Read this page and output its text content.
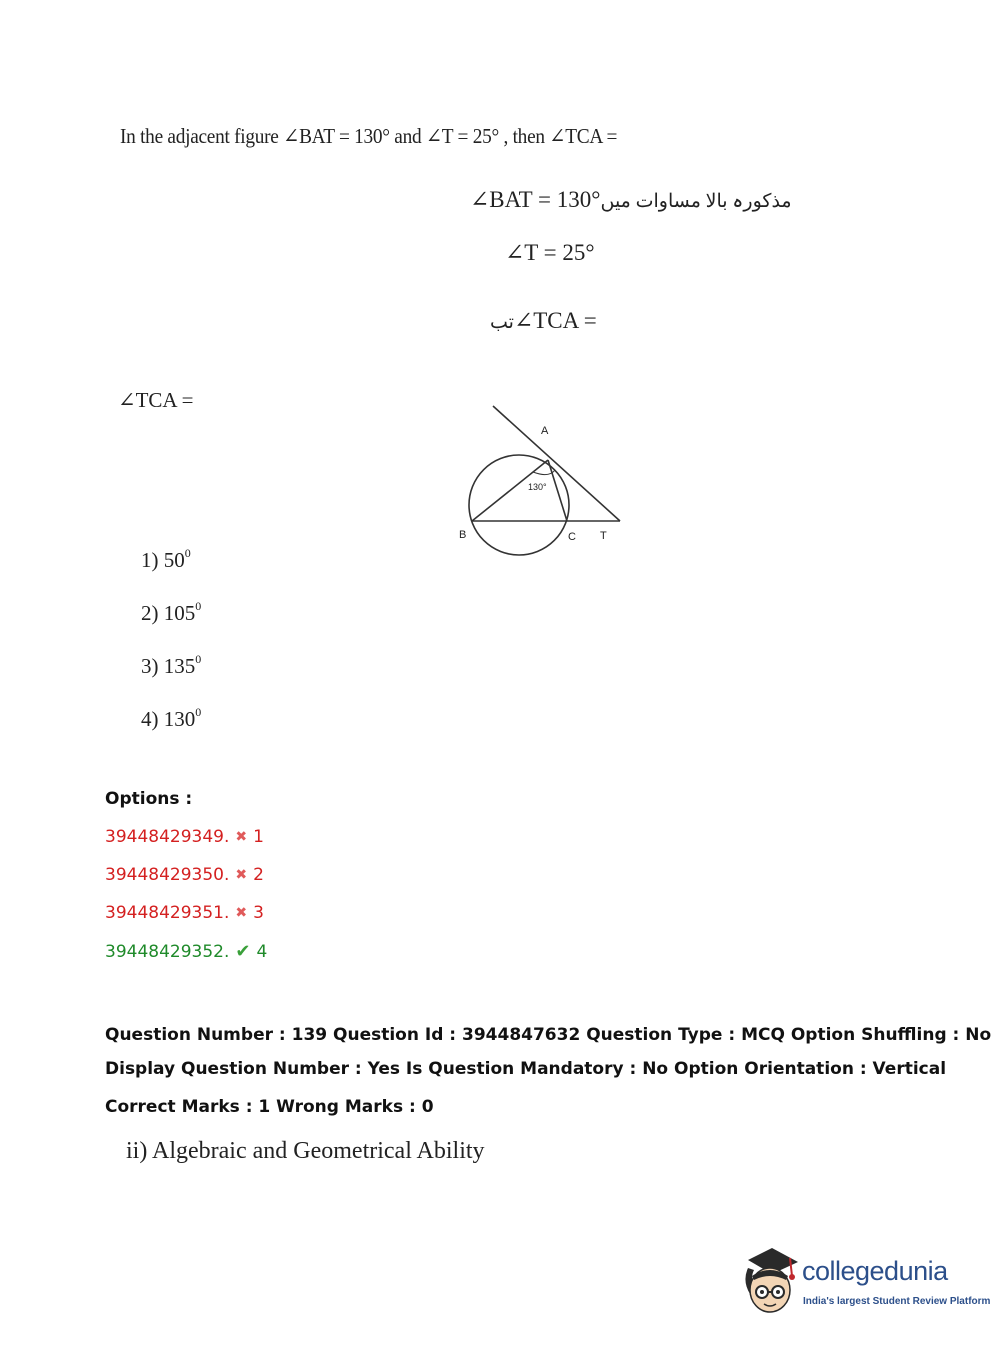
In the adjacent figure ∠BAT = 130° and ∠T = 25° , then ∠TCA =
∠BAT = 130°مذکورہ بالا مساوات میں
∠T = 25°
تب∠TCA =
∠TCA =
A
B	C T
130°
1) $50^0$
2) $105^0$
3) $135^0$
4) $130^0$
Options :
39448429349. ✖ 1
39448429350. ✖ 2
39448429351. ✖ 3
39448429352. ✔ 4
Question Number : 139 Question Id : 3944847632 Question Type : MCQ Option Shuffling : No
Display Question Number : Yes Is Question Mandatory : No Option Orientation : Vertical
Correct Marks : 1 Wrong Marks : 0
ii) Algebraic and Geometrical Ability
collegedunia
India's largest Student Review Platform
